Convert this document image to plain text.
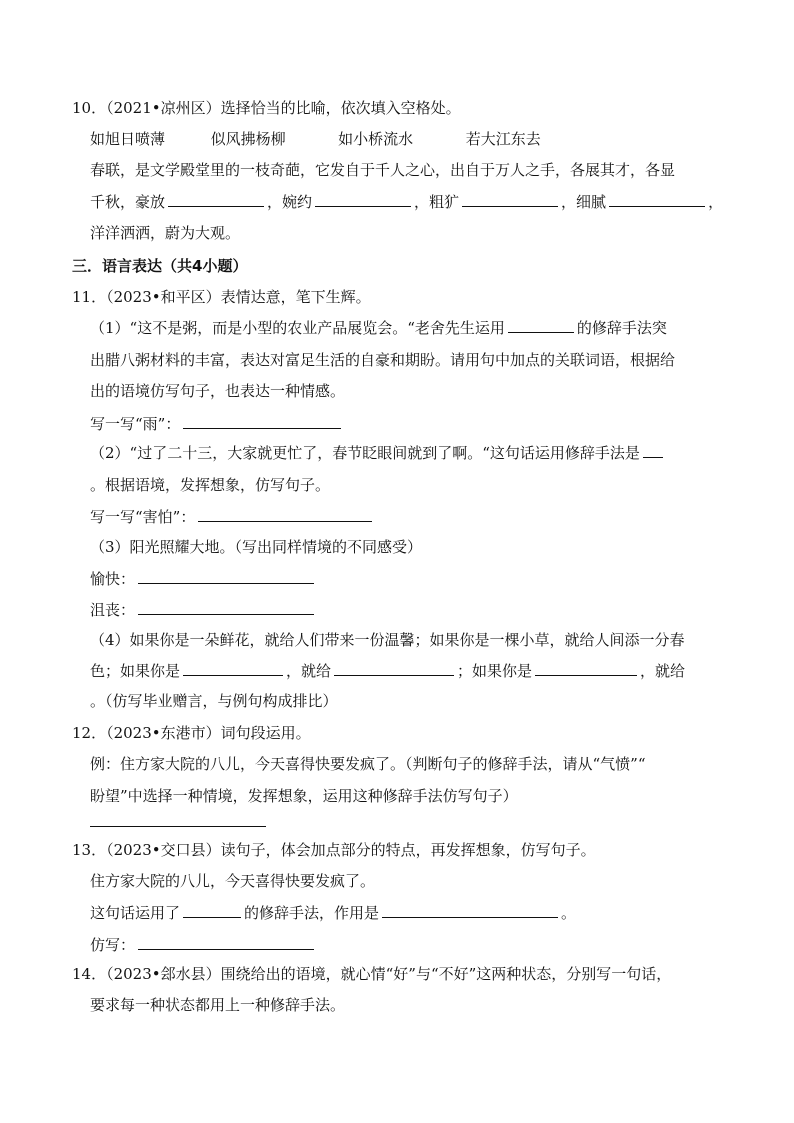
10．（2021•凉州区）选择恰当的比喻，依次填入空格处。
如旭日喷薄	似风拂杨柳	如小桥流水	若大江东去
春联，是文学殿堂里的一枝奇葩，它发自于千人之心，出自于万人之手，各展其才，各显
千秋，豪放	，婉约	，粗犷	，细腻	，
洋洋洒洒，蔚为大观。
三．语言表达（共4小题）
11．（2023•和平区）表情达意，笔下生辉。
（1）“这不是粥，而是小型的农业产品展览会。“老舍先生运用	的修辞手法突
出腊八粥材料的丰富，表达对富足生活的自豪和期盼。请用句中加点的关联词语，根据给
出的语境仿写句子，也表达一种情感。
写一写“雨”：
（2）“过了二十三，大家就更忙了，春节眨眼间就到了啊。“这句话运用修辞手法是
。根据语境，发挥想象，仿写句子。
写一写“害怕”：
（3）阳光照耀大地。（写出同样情境的不同感受）
愉快：
沮丧：
（4）如果你是一朵鲜花，就给人们带来一份温馨；如果你是一棵小草，就给人间添一分春
色；如果你是	，就给	；如果你是	，就给
。（仿写毕业赠言，与例句构成排比）
12．（2023•东港市）词句段运用。
例：住方家大院的八儿，今天喜得快要发疯了。（判断句子的修辞手法，请从“气愤”“
盼望”中选择一种情境，发挥想象，运用这种修辞手法仿写句子）
13．（2023•交口县）读句子，体会加点部分的特点，再发挥想象，仿写句子。
住方家大院的八儿，今天喜得快要发疯了。
这句话运用了	的修辞手法，作用是	。
仿写：
14．（2023•郐水县）围绕给出的语境，就心情“好”与“不好”这两种状态，分别写一句话，
要求每一种状态都用上一种修辞手法。
